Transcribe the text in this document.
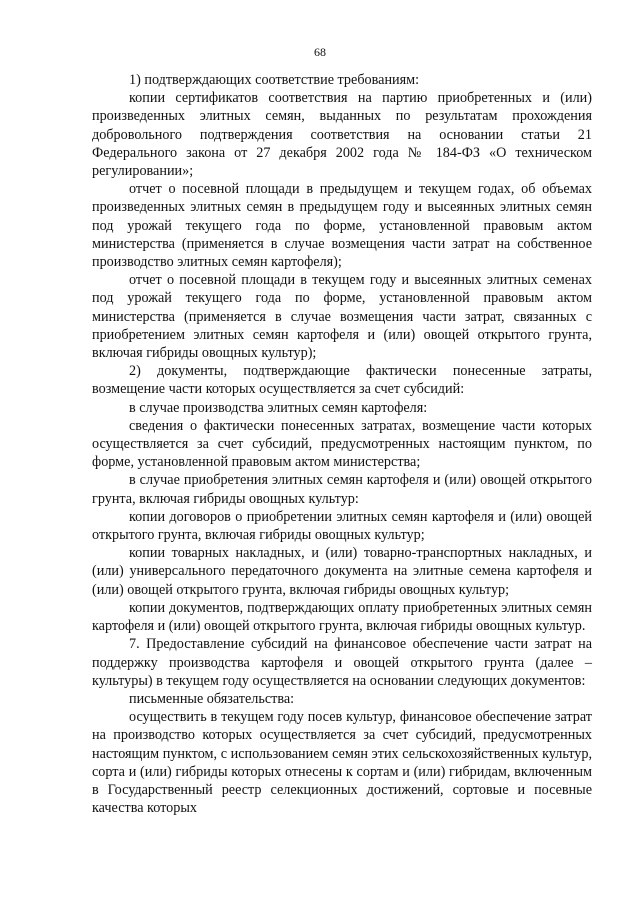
68

1) подтверждающих соответствие требованиям:

копии сертификатов соответствия на партию приобретенных и (или) произведенных элитных семян, выданных по результатам прохождения добровольного подтверждения соответствия на основании статьи 21 Федерального закона от 27 декабря 2002 года № 184-ФЗ «О техническом регулировании»;

отчет о посевной площади в предыдущем и текущем годах, об объемах произведенных элитных семян в предыдущем году и высеянных элитных семян под урожай текущего года по форме, установленной правовым актом министерства (применяется в случае возмещения части затрат на собственное производство элитных семян картофеля);

отчет о посевной площади в текущем году и высеянных элитных семенах под урожай текущего года по форме, установленной правовым актом министерства (применяется в случае возмещения части затрат, связанных с приобретением элитных семян картофеля и (или) овощей открытого грунта, включая гибриды овощных культур);

2) документы, подтверждающие фактически понесенные затраты, возмещение части которых осуществляется за счет субсидий:

в случае производства элитных семян картофеля:

сведения о фактически понесенных затратах, возмещение части которых осуществляется за счет субсидий, предусмотренных настоящим пунктом, по форме, установленной правовым актом министерства;

в случае приобретения элитных семян картофеля и (или) овощей открытого грунта, включая гибриды овощных культур:

копии договоров о приобретении элитных семян картофеля и (или) овощей открытого грунта, включая гибриды овощных культур;

копии товарных накладных, и (или) товарно-транспортных накладных, и (или) универсального передаточного документа на элитные семена картофеля и (или) овощей открытого грунта, включая гибриды овощных культур;

копии документов, подтверждающих оплату приобретенных элитных семян картофеля и (или) овощей открытого грунта, включая гибриды овощных культур.

7. Предоставление субсидий на финансовое обеспечение части затрат на поддержку производства картофеля и овощей открытого грунта (далее – культуры) в текущем году осуществляется на основании следующих документов:

письменные обязательства:

осуществить в текущем году посев культур, финансовое обеспечение затрат на производство которых осуществляется за счет субсидий, предусмотренных настоящим пунктом, с использованием семян этих сельскохозяйственных культур, сорта и (или) гибриды которых отнесены к сортам и (или) гибридам, включенным в Государственный реестр селекционных достижений, сортовые и посевные качества которых
